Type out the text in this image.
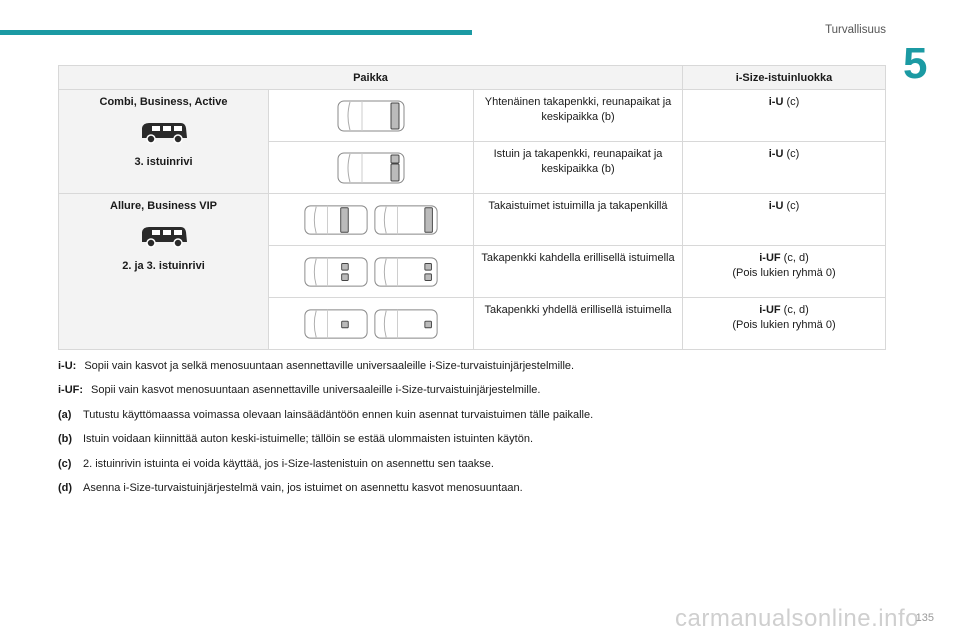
Turvallisuus
5
Paikka			i-Size-istuinluokka

Combi, Business, Active
3. istuinrivi		Yhtenäinen takapenkki, reunapaikat ja keskipaikka (b)	i-U (c)
	Istuin ja takapenkki, reunapaikat ja keskipaikka (b)	i-U (c)

Allure, Business VIP
2. ja 3. istuinrivi		Takaistuimet istuimilla ja takapenkillä	i-U (c)
	Takapenkki kahdella erillisellä istuimella	i-UF (c, d)
(Pois lukien ryhmä 0)
	Takapenkki yhdellä erillisellä istuimella	i-UF (c, d)
(Pois lukien ryhmä 0)
i-U: Sopii vain kasvot ja selkä menosuuntaan asennettaville universaaleille i-Size-turvaistuinjärjestelmille.
i-UF: Sopii vain kasvot menosuuntaan asennettaville universaaleille i-Size-turvaistuinjärjestelmille.
(a)	Tutustu käyttömaassa voimassa olevaan lainsäädäntöön ennen kuin asennat turvaistuimen tälle paikalle.
(b) Istuin voidaan kiinnittää auton keski-istuimelle; tällöin se estää ulommaisten istuinten käytön.
(c)	2. istuinrivin istuinta ei voida käyttää, jos i-Size-lastenistuin on asennettu sen taakse.
(d) Asenna i-Size-turvaistuinjärjestelmä vain, jos istuimet on asennettu kasvot menosuuntaan.
carmanualsonline.info
135
